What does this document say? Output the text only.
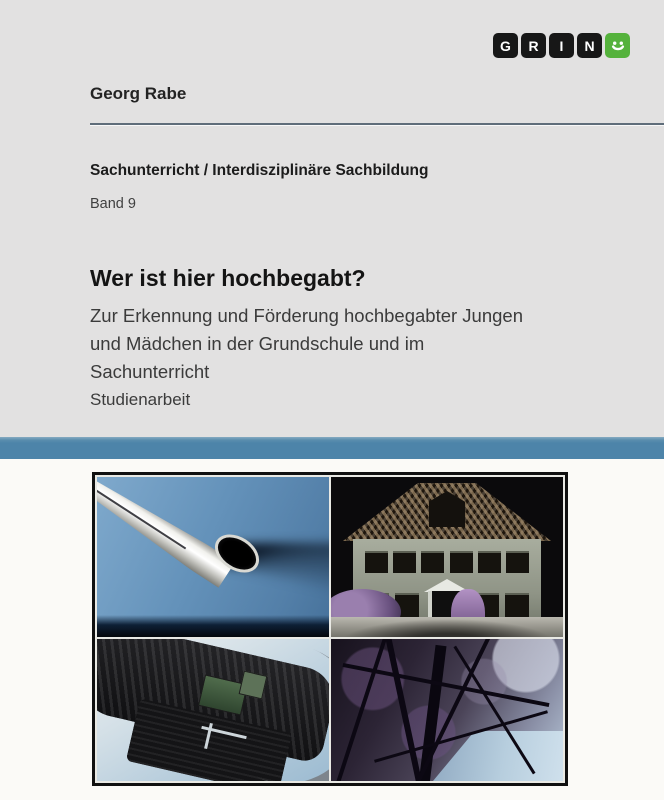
G R I N
Georg Rabe
Sachunterricht / Interdisziplinäre Sachbildung
Band 9
Wer ist hier hochbegabt?
Zur Erkennung und Förderung hochbegabter Jungen
und Mädchen in der Grundschule und im
Sachunterricht
Studienarbeit
